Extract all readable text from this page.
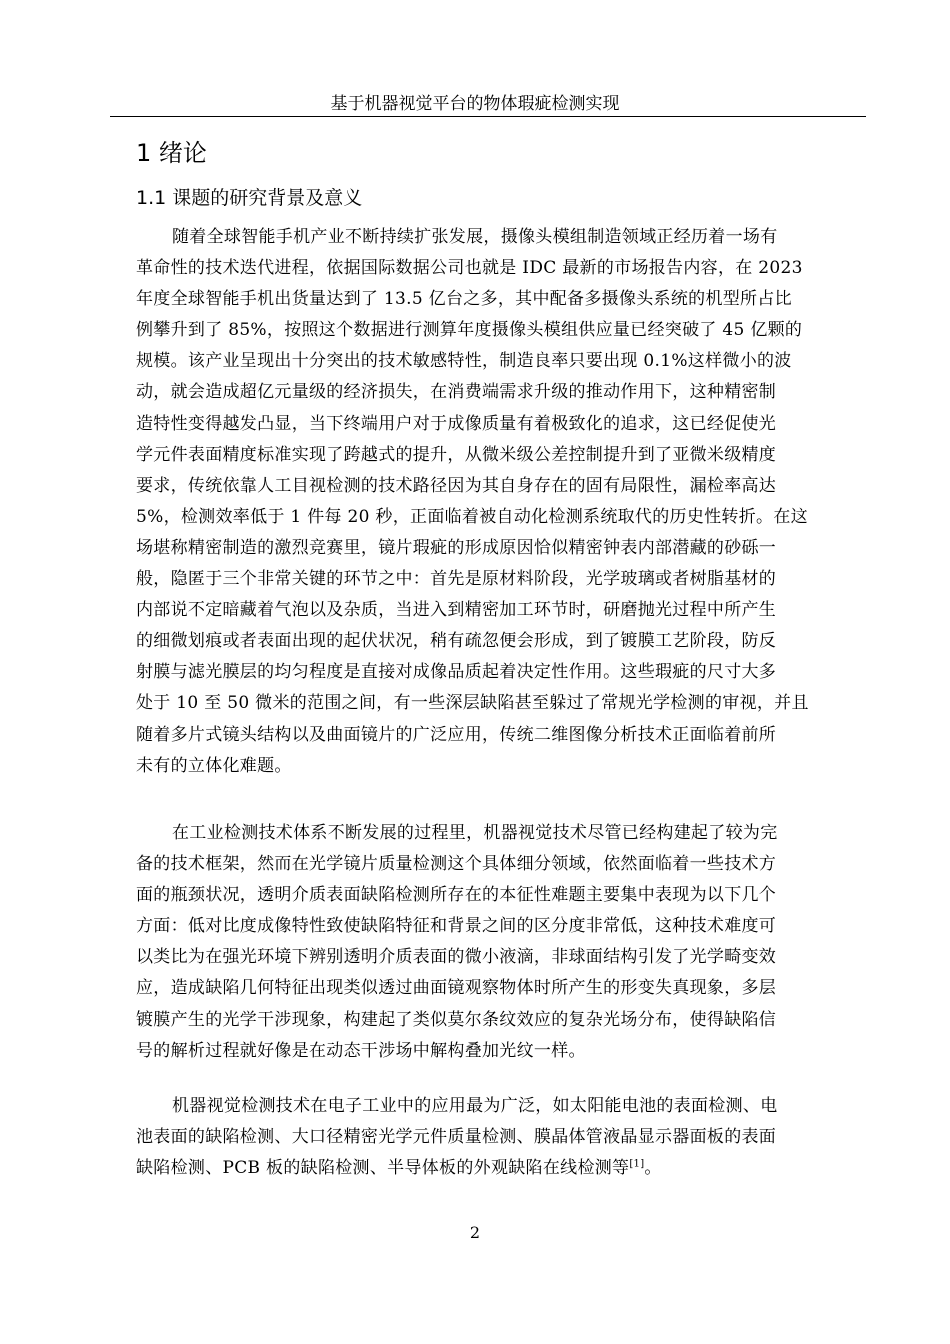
基于机器视觉平台的物体瑕疵检测实现
1 绪论
1.1 课题的研究背景及意义
随着全球智能手机产业不断持续扩张发展，摄像头模组制造领域正经历着一场有
革命性的技术迭代进程，依据国际数据公司也就是 IDC 最新的市场报告内容，在 2023
年度全球智能手机出货量达到了 13.5 亿台之多，其中配备多摄像头系统的机型所占比
例攀升到了 85%，按照这个数据进行测算年度摄像头模组供应量已经突破了 45 亿颗的
规模。该产业呈现出十分突出的技术敏感特性，制造良率只要出现 0.1%这样微小的波
动，就会造成超亿元量级的经济损失，在消费端需求升级的推动作用下，这种精密制
造特性变得越发凸显，当下终端用户对于成像质量有着极致化的追求，这已经促使光
学元件表面精度标准实现了跨越式的提升，从微米级公差控制提升到了亚微米级精度
要求，传统依靠人工目视检测的技术路径因为其自身存在的固有局限性，漏检率高达
5%，检测效率低于 1 件每 20 秒，正面临着被自动化检测系统取代的历史性转折。在这
场堪称精密制造的激烈竞赛里，镜片瑕疵的形成原因恰似精密钟表内部潜藏的砂砾一
般，隐匿于三个非常关键的环节之中：首先是原材料阶段，光学玻璃或者树脂基材的
内部说不定暗藏着气泡以及杂质，当进入到精密加工环节时，研磨抛光过程中所产生
的细微划痕或者表面出现的起伏状况，稍有疏忽便会形成，到了镀膜工艺阶段，防反
射膜与滤光膜层的均匀程度是直接对成像品质起着决定性作用。这些瑕疵的尺寸大多
处于 10 至 50 微米的范围之间，有一些深层缺陷甚至躲过了常规光学检测的审视，并且
随着多片式镜头结构以及曲面镜片的广泛应用，传统二维图像分析技术正面临着前所
未有的立体化难题。
在工业检测技术体系不断发展的过程里，机器视觉技术尽管已经构建起了较为完
备的技术框架，然而在光学镜片质量检测这个具体细分领域，依然面临着一些技术方
面的瓶颈状况，透明介质表面缺陷检测所存在的本征性难题主要集中表现为以下几个
方面：低对比度成像特性致使缺陷特征和背景之间的区分度非常低，这种技术难度可
以类比为在强光环境下辨别透明介质表面的微小液滴，非球面结构引发了光学畸变效
应，造成缺陷几何特征出现类似透过曲面镜观察物体时所产生的形变失真现象，多层
镀膜产生的光学干涉现象，构建起了类似莫尔条纹效应的复杂光场分布，使得缺陷信
号的解析过程就好像是在动态干涉场中解构叠加光纹一样。
机器视觉检测技术在电子工业中的应用最为广泛，如太阳能电池的表面检测、电
池表面的缺陷检测、大口径精密光学元件质量检测、膜晶体管液晶显示器面板的表面
缺陷检测、PCB 板的缺陷检测、半导体板的外观缺陷在线检测等[1]。
2
